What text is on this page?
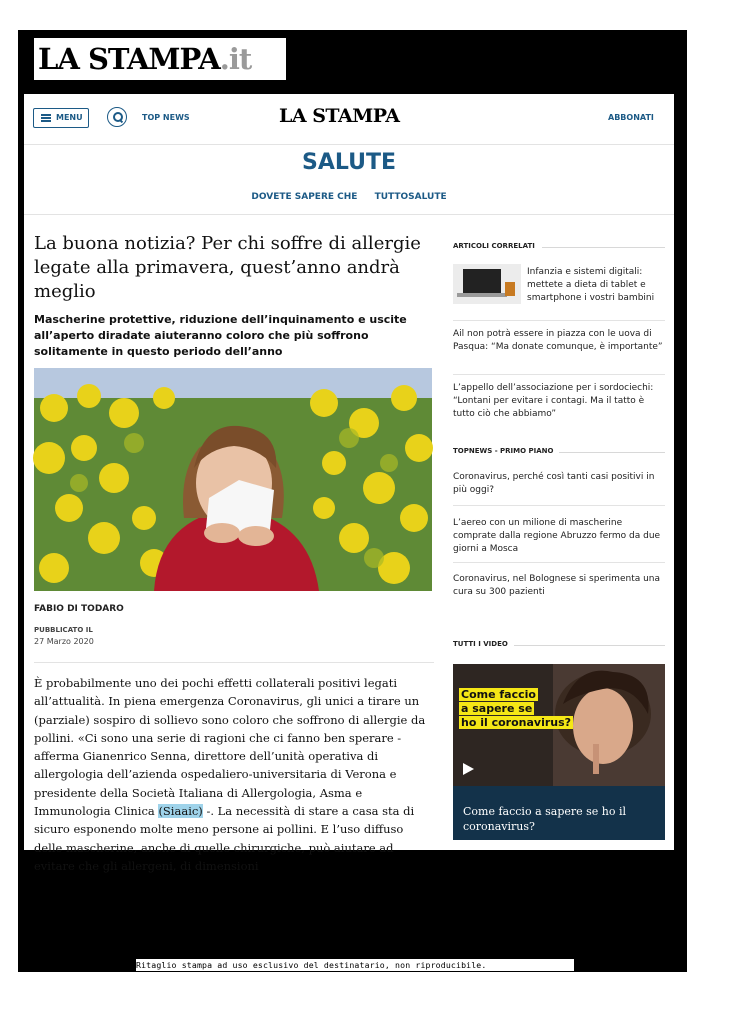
LA STAMPA.it
MENU	TOP NEWS	LA STAMPA	ABBONATI
SALUTE
DOVETE SAPERE CHE TUTTOSALUTE
La buona notizia? Per chi soffre di allergie legate alla primavera, quest’anno andrà meglio
Mascherine protettive, riduzione dell’inquinamento e uscite all’aperto diradate aiuteranno coloro che più soffrono solitamente in questo periodo dell’anno
FABIO DI TODARO
PUBBLICATO IL
27 Marzo 2020
È probabilmente uno dei pochi effetti collaterali positivi legati all’attualità. In piena emergenza Coronavirus, gli unici a tirare un (parziale) sospiro di sollievo sono coloro che soffrono di allergie da pollini. «Ci sono una serie di ragioni che ci fanno ben sperare - afferma Gianenrico Senna, direttore dell’unità operativa di allergologia dell’azienda ospedaliero-universitaria di Verona e presidente della Società Italiana di Allergologia, Asma e Immunologia Clinica (Siaaic) -. La necessità di stare a casa sta di sicuro esponendo molte meno persone ai pollini. E l’uso diffuso delle mascherine, anche di quelle chirurgiche, può aiutare ad evitare che gli allergeni, di dimensioni
ARTICOLI CORRELATI
Infanzia e sistemi digitali: mettete a dieta di tablet e smartphone i vostri bambini
Ail non potrà essere in piazza con le uova di Pasqua: “Ma donate comunque, è importante”
L’appello dell’associazione per i sordociechi: “Lontani per evitare i contagi. Ma il tatto è tutto ciò che abbiamo”
TOPNEWS - PRIMO PIANO
Coronavirus, perché così tanti casi positivi in più oggi?
L’aereo con un milione di mascherine comprate dalla regione Abruzzo fermo da due giorni a Mosca
Coronavirus, nel Bolognese si sperimenta una cura su 300 pazienti
TUTTI I VIDEO
Come faccio
a sapere se
ho il coronavirus?
Come faccio a sapere se ho il coronavirus?
Ritaglio stampa ad uso esclusivo del destinatario, non riproducibile.
